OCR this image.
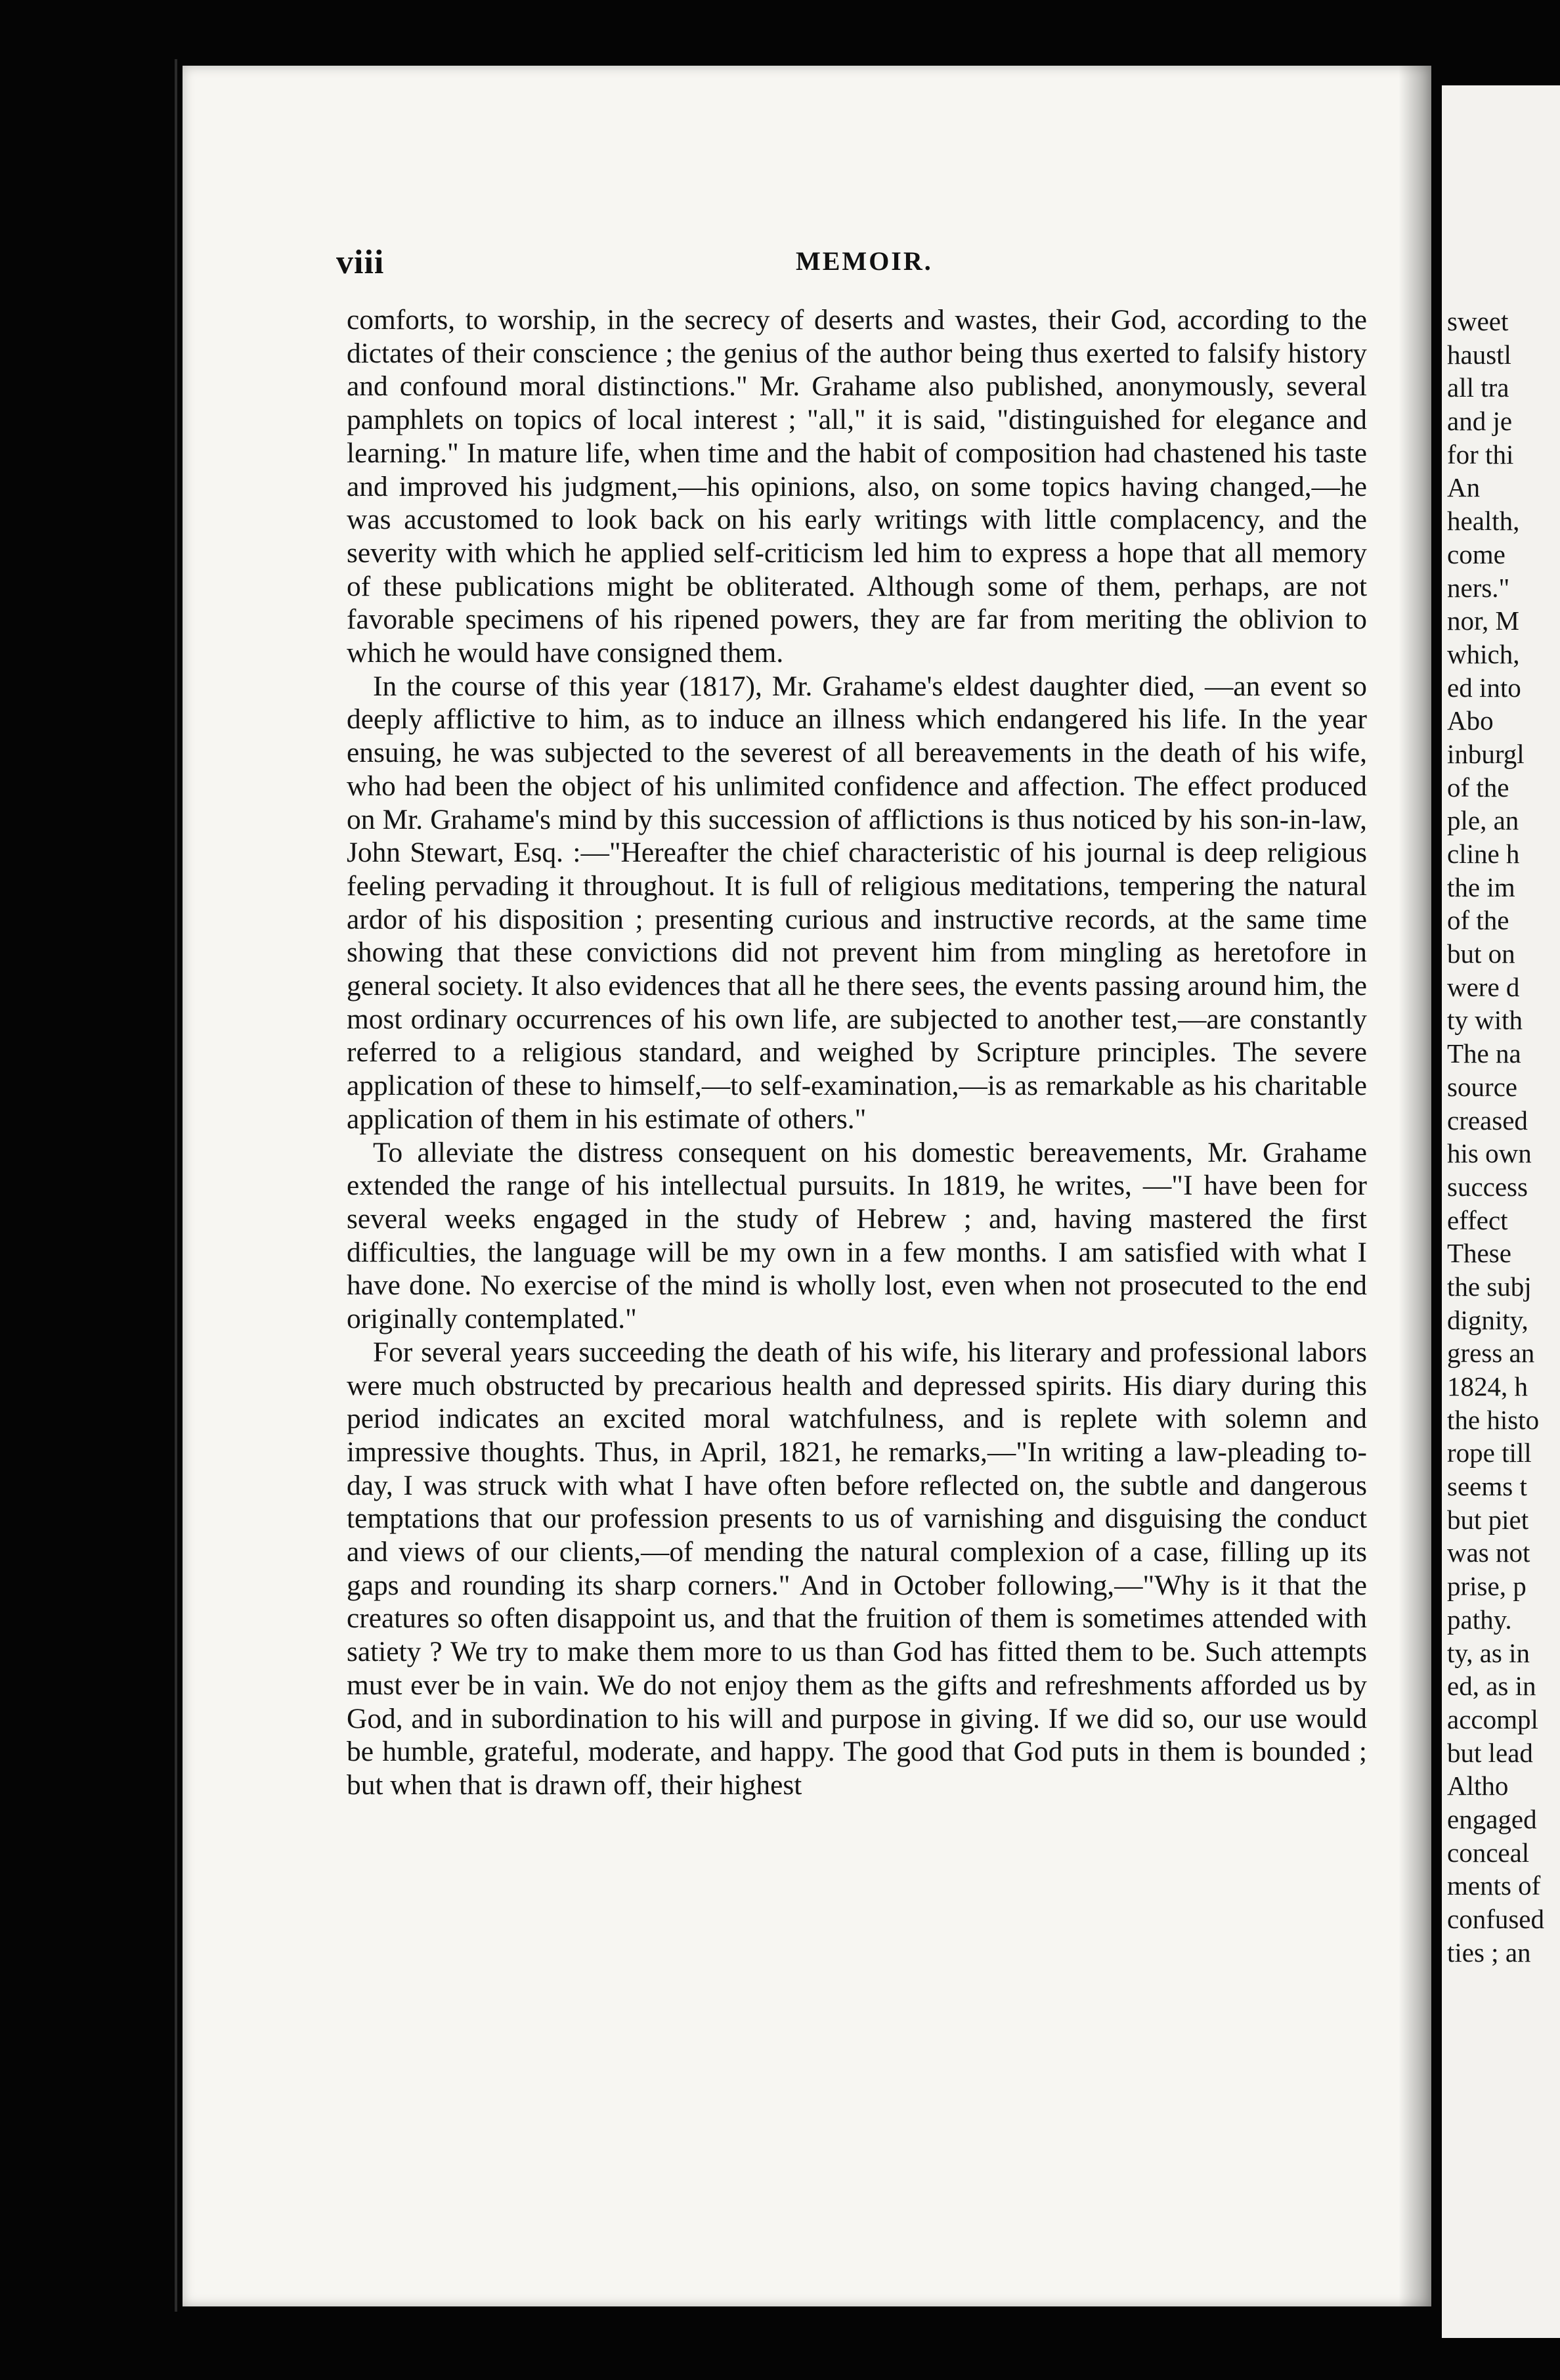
viii	MEMOIR.

comforts, to worship, in the secrecy of deserts and wastes, their God, according to the dictates of their conscience ; the genius of the author being thus exerted to falsify history and confound moral distinctions." Mr. Grahame also published, anonymously, several pamphlets on topics of local interest ; "all," it is said, "distinguished for elegance and learning." In mature life, when time and the habit of composition had chastened his taste and improved his judgment,—his opinions, also, on some topics having changed,—he was accustomed to look back on his early writings with little complacency, and the severity with which he applied self-criticism led him to express a hope that all memory of these publications might be obliterated. Although some of them, perhaps, are not favorable specimens of his ripened powers, they are far from meriting the oblivion to which he would have consigned them.

In the course of this year (1817), Mr. Grahame's eldest daughter died, —an event so deeply afflictive to him, as to induce an illness which endangered his life. In the year ensuing, he was subjected to the severest of all bereavements in the death of his wife, who had been the object of his unlimited confidence and affection. The effect produced on Mr. Grahame's mind by this succession of afflictions is thus noticed by his son-in-law, John Stewart, Esq. :—"Hereafter the chief characteristic of his journal is deep religious feeling pervading it throughout. It is full of religious meditations, tempering the natural ardor of his disposition ; presenting curious and instructive records, at the same time showing that these convictions did not prevent him from mingling as heretofore in general society. It also evidences that all he there sees, the events passing around him, the most ordinary occurrences of his own life, are subjected to another test,—are constantly referred to a religious standard, and weighed by Scripture principles. The severe application of these to himself,—to self-examination,—is as remarkable as his charitable application of them in his estimate of others."

To alleviate the distress consequent on his domestic bereavements, Mr. Grahame extended the range of his intellectual pursuits. In 1819, he writes, —"I have been for several weeks engaged in the study of Hebrew ; and, having mastered the first difficulties, the language will be my own in a few months. I am satisfied with what I have done. No exercise of the mind is wholly lost, even when not prosecuted to the end originally contemplated."

For several years succeeding the death of his wife, his literary and professional labors were much obstructed by precarious health and depressed spirits. His diary during this period indicates an excited moral watchfulness, and is replete with solemn and impressive thoughts. Thus, in April, 1821, he remarks,—"In writing a law-pleading to-day, I was struck with what I have often before reflected on, the subtle and dangerous temptations that our profession presents to us of varnishing and disguising the conduct and views of our clients,—of mending the natural complexion of a case, filling up its gaps and rounding its sharp corners." And in October following,—"Why is it that the creatures so often disappoint us, and that the fruition of them is sometimes attended with satiety ? We try to make them more to us than God has fitted them to be. Such attempts must ever be in vain. We do not enjoy them as the gifts and refreshments afforded us by God, and in subordination to his will and purpose in giving. If we did so, our use would be humble, grateful, moderate, and happy. The good that God puts in them is bounded ; but when that is drawn off, their highest

sweet
haustl
all tra
and je
for thi
An
health,
come
ners."
nor, M
which,
ed into
Abo
inburgl
of the
ple, an
cline h
the im
of the
but on
were d
ty with
The na
source
creased
his own
success
effect
These
the subj
dignity,
gress an
1824, h
the histo
rope till
seems t
but piet
was not
prise, p
pathy.
ty, as in
ed, as in
accompl
but lead
Altho
engaged
conceal
ments of
confused
ties ; an
